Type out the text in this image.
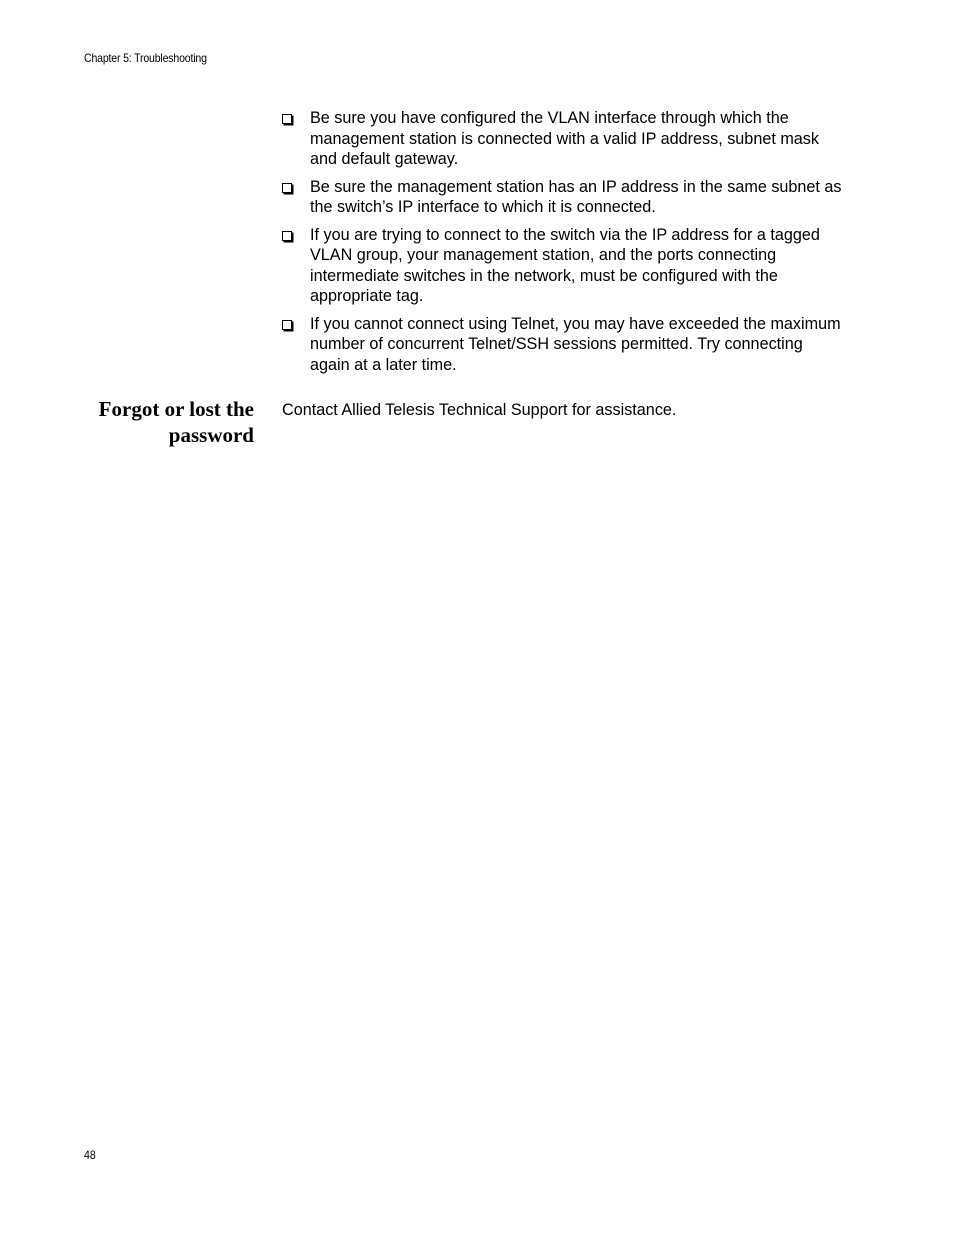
Chapter 5: Troubleshooting
Be sure you have configured the VLAN interface through which the management station is connected with a valid IP address, subnet mask and default gateway.
Be sure the management station has an IP address in the same subnet as the switch’s IP interface to which it is connected.
If you are trying to connect to the switch via the IP address for a tagged VLAN group, your management station, and the ports connecting intermediate switches in the network, must be configured with the appropriate tag.
If you cannot connect using Telnet, you may have exceeded the maximum number of concurrent Telnet/SSH sessions permitted. Try connecting again at a later time.
Forgot or lost the
password

Contact Allied Telesis Technical Support for assistance.

48
